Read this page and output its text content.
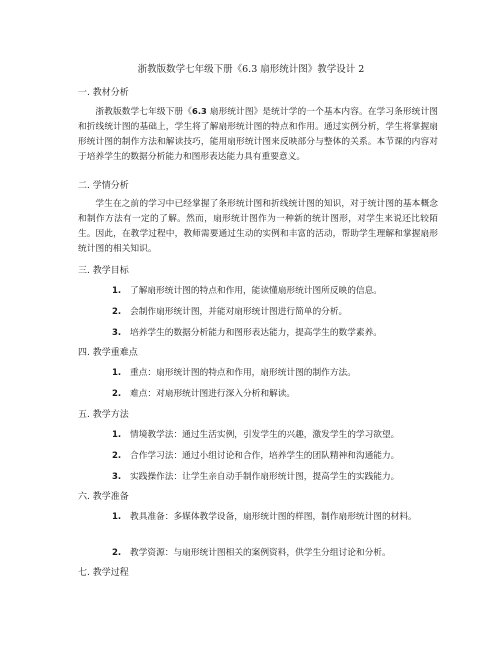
浙教版数学七年级下册《6.3 扇形统计图》教学设计 2
一. 教材分析
浙教版数学七年级下册《6.3 扇形统计图》是统计学的一个基本内容。在学习条形统计图和折线统计图的基础上，学生将了解扇形统计图的特点和作用。通过实例分析，学生将掌握扇形统计图的制作方法和解读技巧，能用扇形统计图来反映部分与整体的关系。本节课的内容对于培养学生的数据分析能力和图形表达能力具有重要意义。
二. 学情分析
学生在之前的学习中已经掌握了条形统计图和折线统计图的知识，对于统计图的基本概念和制作方法有一定的了解。然而，扇形统计图作为一种新的统计图形，对学生来说还比较陌生。因此，在教学过程中，教师需要通过生动的实例和丰富的活动，帮助学生理解和掌握扇形统计图的相关知识。
三. 教学目标
1.	了解扇形统计图的特点和作用，能读懂扇形统计图所反映的信息。
2.	会制作扇形统计图，并能对扇形统计图进行简单的分析。
3.	培养学生的数据分析能力和图形表达能力，提高学生的数学素养。
四. 教学重难点
1.	重点：扇形统计图的特点和作用，扇形统计图的制作方法。
2.	难点：对扇形统计图进行深入分析和解读。
五. 教学方法
1.	情境教学法：通过生活实例，引发学生的兴趣，激发学生的学习欲望。
2.	合作学习法：通过小组讨论和合作，培养学生的团队精神和沟通能力。
3.	实践操作法：让学生亲自动手制作扇形统计图，提高学生的实践能力。
六. 教学准备
1.	教具准备：多媒体教学设备，扇形统计图的样图，制作扇形统计图的材料。
2.	教学资源：与扇形统计图相关的案例资料，供学生分组讨论和分析。
七. 教学过程
